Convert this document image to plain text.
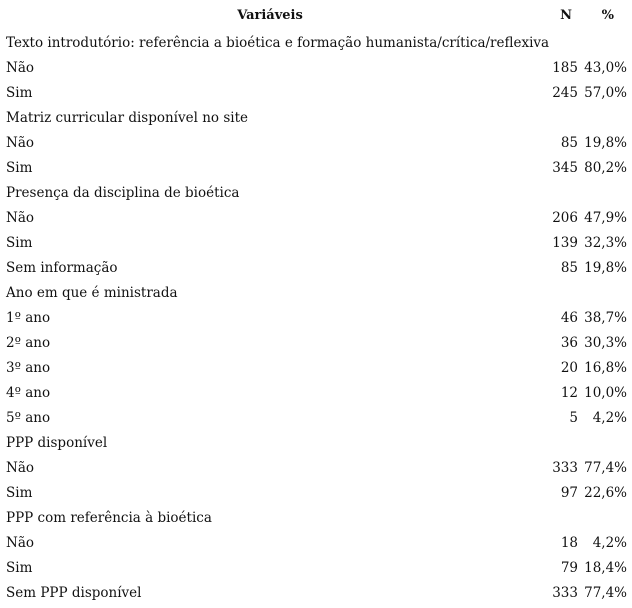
Variáveis	N	%
Texto introdutório: referência a bioética e formação humanista/crítica/reflexiva		
Não	185	43,0%
Sim	245	57,0%
Matriz curricular disponível no site		
Não	85	19,8%
Sim	345	80,2%
Presença da disciplina de bioética		
Não	206	47,9%
Sim	139	32,3%
Sem informação	85	19,8%
Ano em que é ministrada		
1º ano	46	38,7%
2º ano	36	30,3%
3º ano	20	16,8%
4º ano	12	10,0%
5º ano	5	4,2%
PPP disponível		
Não	333	77,4%
Sim	97	22,6%
PPP com referência à bioética		
Não	18	4,2%
Sim	79	18,4%
Sem PPP disponível	333	77,4%
